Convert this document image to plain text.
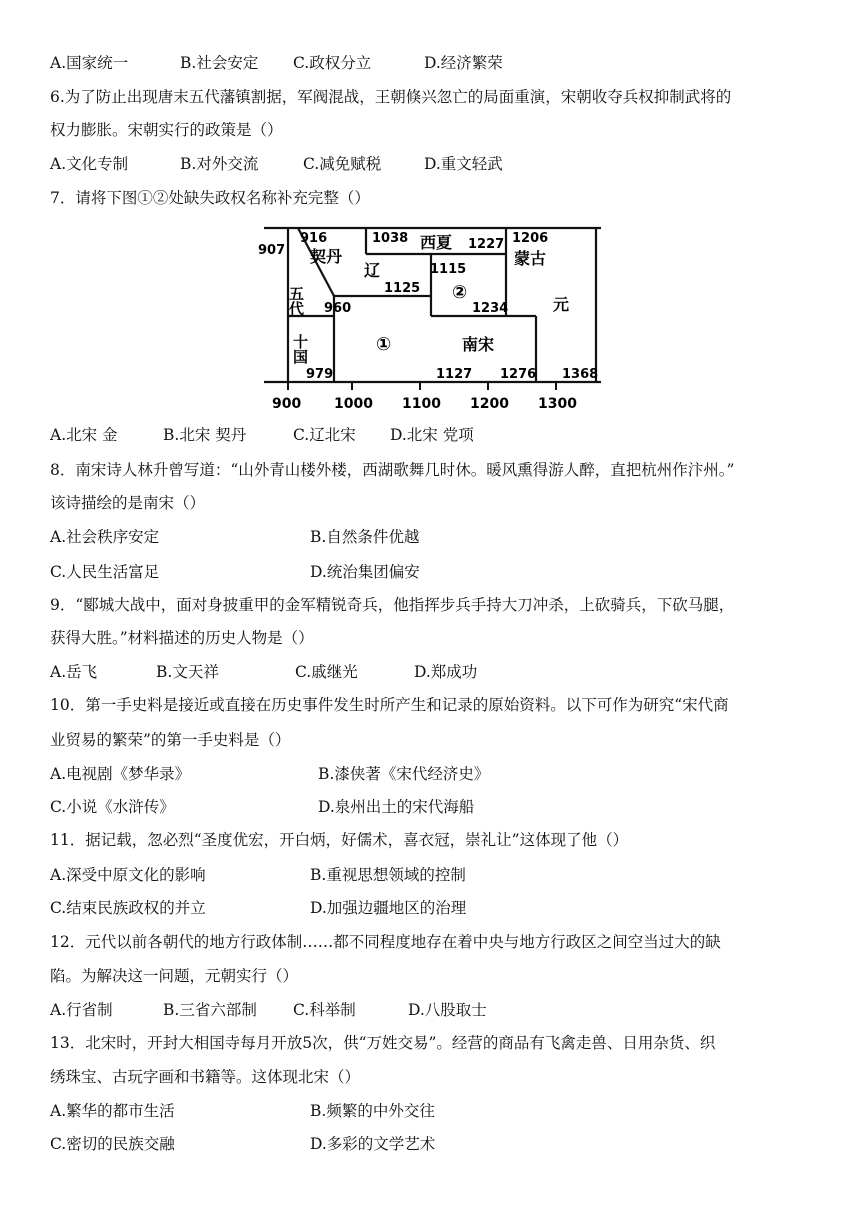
A.国家统一	B.社会安定 C.政权分立	D.经济繁荣
6.为了防止出现唐末五代藩镇割据，军阀混战，王朝倏兴忽亡的局面重演，宋朝收夺兵权抑制武将的
权力膨胀。宋朝实行的政策是（）
A.文化专制	B.对外交流	C.减免赋税	D.重文轻武
7．请将下图①②处缺失政权名称补充完整（）
907
916	1038	1227 1206
1115
1125
960	1234
979	1127 1276 1368
契丹
辽
西夏
蒙古
元
五代
十国	①
②
南宋
900 1000 1100 1200 1300
A.北宋 金	B.北宋 契丹	C.辽北宋 D.北宋 党项
8．南宋诗人林升曾写道：“山外青山楼外楼，西湖歌舞几时休。暖风熏得游人醉，直把杭州作汴州。”
该诗描绘的是南宋（）
A.社会秩序安定	B.自然条件优越
C.人民生活富足	D.统治集团偏安
9．“郾城大战中，面对身披重甲的金军精锐奇兵，他指挥步兵手持大刀冲杀，上砍骑兵，下砍马腿，
获得大胜。”材料描述的历史人物是（）
A.岳飞	B.文天祥	C.戚继光	D.郑成功
10．第一手史料是接近或直接在历史事件发生时所产生和记录的原始资料。以下可作为研究“宋代商
业贸易的繁荣”的第一手史料是（）
A.电视剧《梦华录》	B.漆侠著《宋代经济史》
C.小说《水浒传》	D.泉州出土的宋代海船
11．据记载，忽必烈“圣度优宏，开白炳，好儒术，喜衣冠，崇礼让”这体现了他（）
A.深受中原文化的影响	B.重视思想领域的控制
C.结束民族政权的并立	D.加强边疆地区的治理
12．元代以前各朝代的地方行政体制……都不同程度地存在着中央与地方行政区之间空当过大的缺
陷。为解决这一问题，元朝实行（）
A.行省制	B.三省六部制 C.科举制	D.八股取士
13．北宋时，开封大相国寺每月开放5次，供“万姓交易”。经营的商品有飞禽走兽、日用杂货、织
绣珠宝、古玩字画和书籍等。这体现北宋（）
A.繁华的都市生活	B.频繁的中外交往
C.密切的民族交融	D.多彩的文学艺术
